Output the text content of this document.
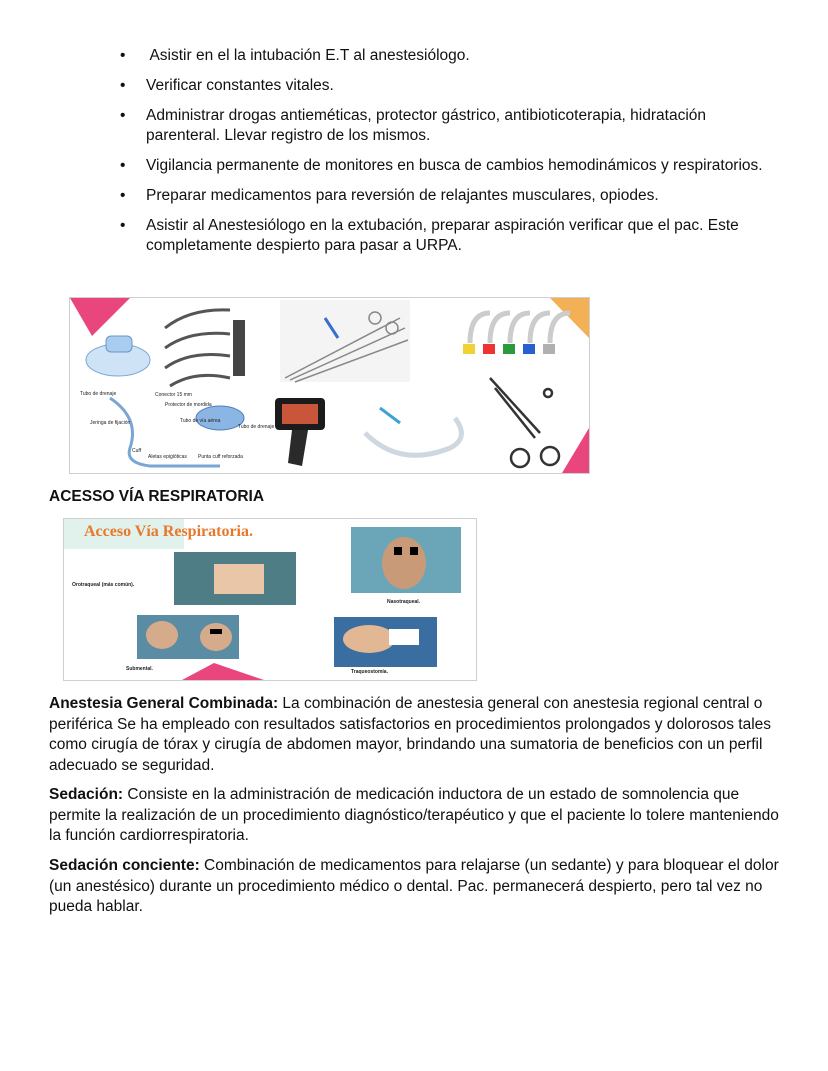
• Asistir en el la intubación E.T al anestesiólogo.
• Verificar constantes vitales.
• Administrar drogas antieméticas, protector gástrico, antibioticoterapia, hidratación parenteral. Llevar registro de los mismos.
• Vigilancia permanente de monitores en busca de cambios hemodinámicos y respiratorios.
• Preparar medicamentos para reversión de relajantes musculares, opiodes.
• Asistir al Anestesiólogo en la extubación, preparar aspiración verificar que el pac. Este completamente despierto para pasar a URPA.
Tubo de drenaje	Conector 15 mm
Protector de mordida
Tubo de vía aérea
Tubo de drenaje
Jeringa de fijación
Cuff
Aletas epiglóticas Punta cuff reforzada
ACESSO VÍA RESPIRATORIA
Acceso Vía Respiratoria.
Orotraqueal (más común).
Nasotraqueal.
Submental.	Traqueostomía.

Anestesia General Combinada: La combinación de anestesia general con anestesia regional central o periférica Se ha empleado con resultados satisfactorios en procedimientos prolongados y dolorosos tales como cirugía de tórax y cirugía de abdomen mayor, brindando una sumatoria de beneficios con un perfil adecuado se seguridad.

Sedación: Consiste en la administración de medicación inductora de un estado de somnolencia que permite la realización de un procedimiento diagnóstico/terapéutico y que el paciente lo tolere manteniendo la función cardiorrespiratoria.

Sedación conciente: Combinación de medicamentos para relajarse (un sedante) y para bloquear el dolor (un anestésico) durante un procedimiento médico o dental. Pac. permanecerá despierto, pero tal vez no pueda hablar.
